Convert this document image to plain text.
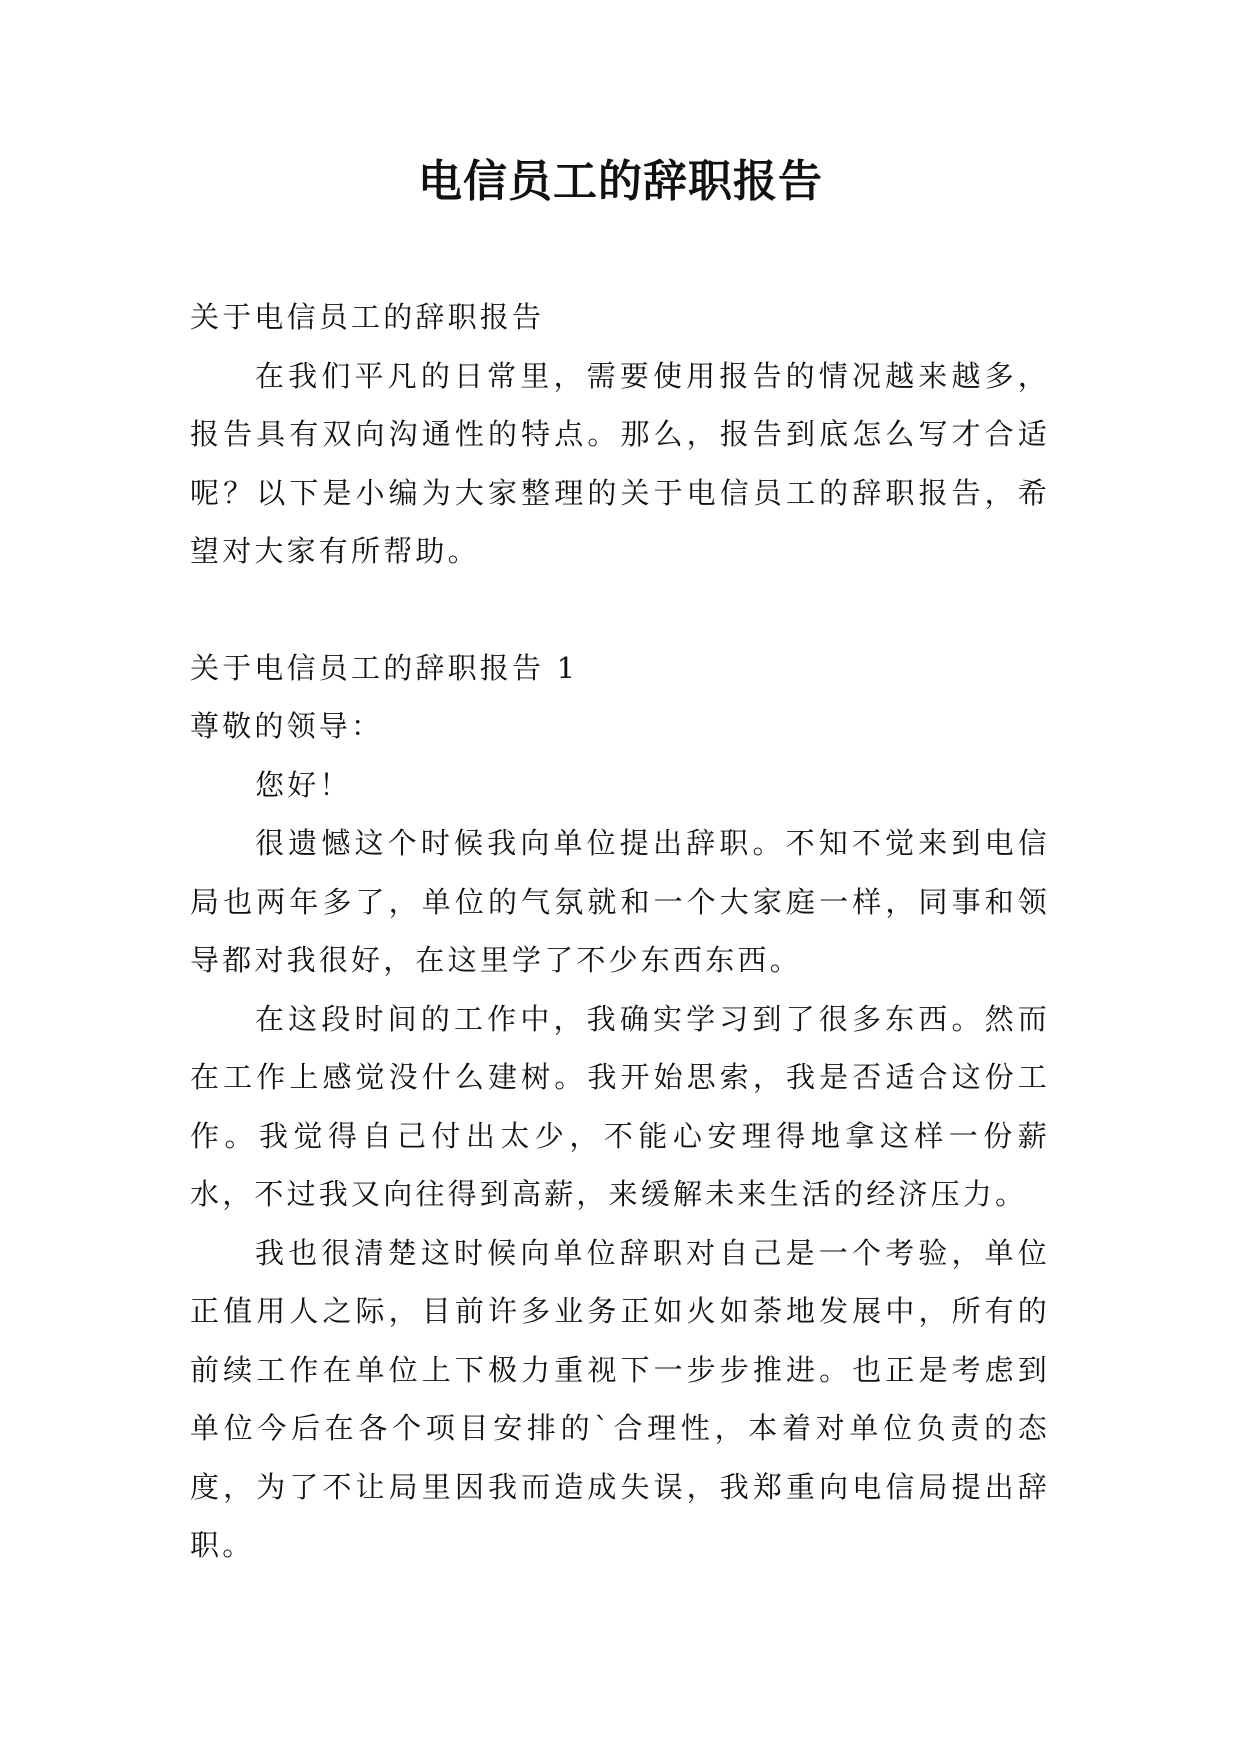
电信员工的辞职报告

关于电信员工的辞职报告

在我们平凡的日常里，需要使用报告的情况越来越多，报告具有双向沟通性的特点。那么，报告到底怎么写才合适呢？以下是小编为大家整理的关于电信员工的辞职报告，希望对大家有所帮助。

关于电信员工的辞职报告 1

尊敬的领导：

您好！

很遗憾这个时候我向单位提出辞职。不知不觉来到电信局也两年多了，单位的气氛就和一个大家庭一样，同事和领导都对我很好，在这里学了不少东西东西。

在这段时间的工作中，我确实学习到了很多东西。然而在工作上感觉没什么建树。我开始思索，我是否适合这份工作。我觉得自己付出太少，不能心安理得地拿这样一份薪水，不过我又向往得到高薪，来缓解未来生活的经济压力。

我也很清楚这时候向单位辞职对自己是一个考验，单位正值用人之际，目前许多业务正如火如荼地发展中，所有的前续工作在单位上下极力重视下一步步推进。也正是考虑到单位今后在各个项目安排的`合理性，本着对单位负责的态度，为了不让局里因我而造成失误，我郑重向电信局提出辞职。
